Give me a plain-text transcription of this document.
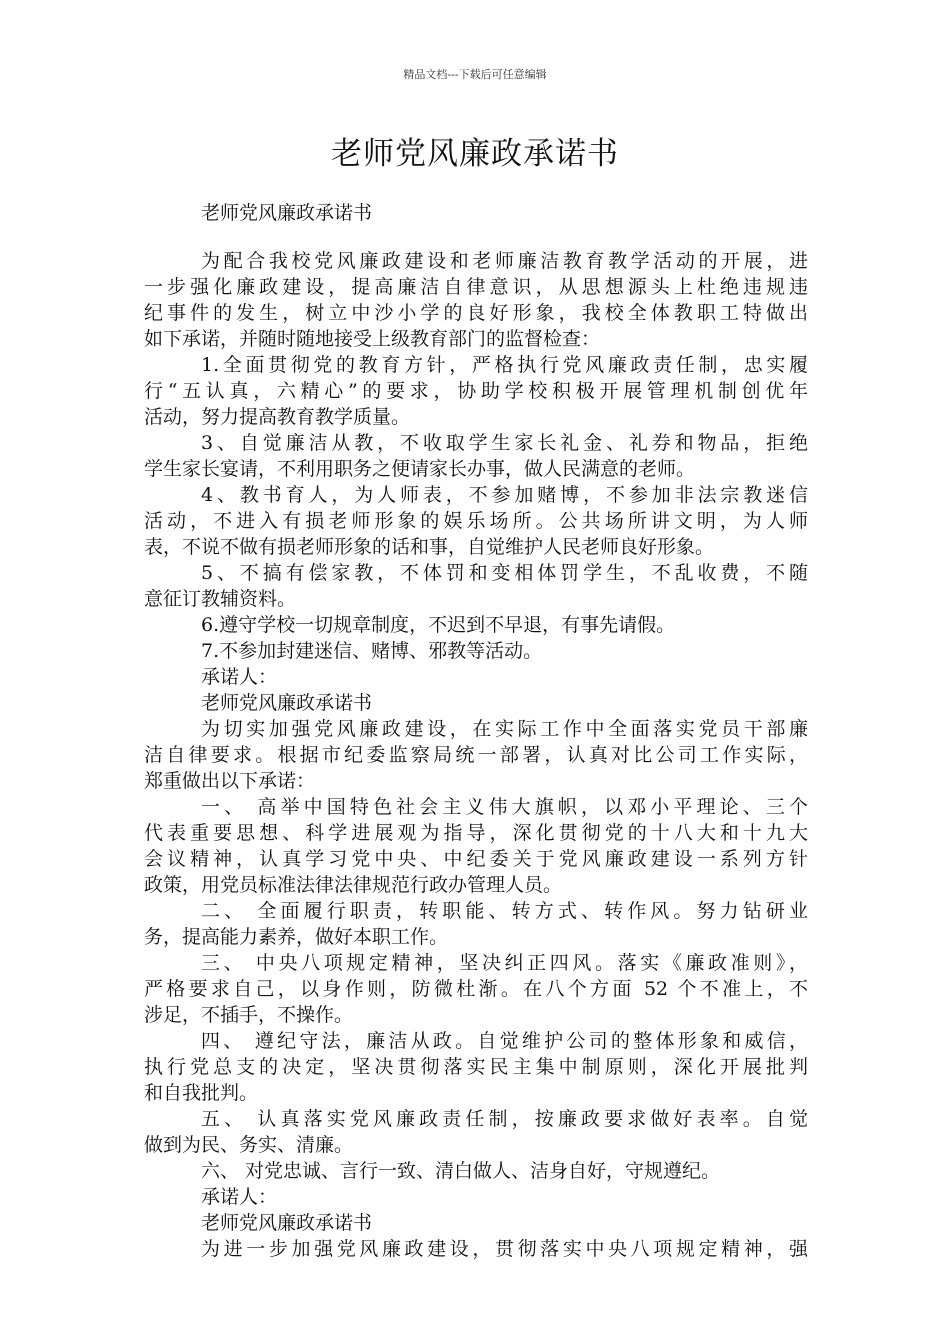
精品文档---下载后可任意编辑
老师党风廉政承诺书
老师党风廉政承诺书
为配合我校党风廉政建设和老师廉洁教育教学活动的开展，进
一步强化廉政建设，提高廉洁自律意识，从思想源头上杜绝违规违
纪事件的发生，树立中沙小学的良好形象，我校全体教职工特做出
如下承诺，并随时随地接受上级教育部门的监督检查：
1.全面贯彻党的教育方针，严格执行党风廉政责任制，忠实履
行“五认真，六精心”的要求，协助学校积极开展管理机制创优年
活动，努力提高教育教学质量。
3、自觉廉洁从教，不收取学生家长礼金、礼券和物品，拒绝
学生家长宴请，不利用职务之便请家长办事，做人民满意的老师。
4、教书育人，为人师表，不参加赌博，不参加非法宗教迷信
活动，不进入有损老师形象的娱乐场所。公共场所讲文明，为人师
表，不说不做有损老师形象的话和事，自觉维护人民老师良好形象。
5、不搞有偿家教，不体罚和变相体罚学生，不乱收费，不随
意征订教辅资料。
6.遵守学校一切规章制度，不迟到不早退，有事先请假。
7.不参加封建迷信、赌博、邪教等活动。
承诺人：
老师党风廉政承诺书
为切实加强党风廉政建设，在实际工作中全面落实党员干部廉
洁自律要求。根据市纪委监察局统一部署，认真对比公司工作实际，
郑重做出以下承诺：
一、 高举中国特色社会主义伟大旗帜，以邓小平理论、三个
代表重要思想、科学进展观为指导，深化贯彻党的十八大和十九大
会议精神，认真学习党中央、中纪委关于党风廉政建设一系列方针
政策，用党员标准法律法律规范行政办管理人员。
二、 全面履行职责，转职能、转方式、转作风。努力钻研业
务，提高能力素养，做好本职工作。
三、 中央八项规定精神，坚决纠正四风。落实《廉政准则》，
严格要求自己，以身作则，防微杜渐。在八个方面 52 个不准上，不
涉足，不插手，不操作。
四、 遵纪守法，廉洁从政。自觉维护公司的整体形象和威信，
执行党总支的决定，坚决贯彻落实民主集中制原则，深化开展批判
和自我批判。
五、 认真落实党风廉政责任制，按廉政要求做好表率。自觉
做到为民、务实、清廉。
六、 对党忠诚、言行一致、清白做人、洁身自好，守规遵纪。
承诺人：
老师党风廉政承诺书
为进一步加强党风廉政建设，贯彻落实中央八项规定精神，强
